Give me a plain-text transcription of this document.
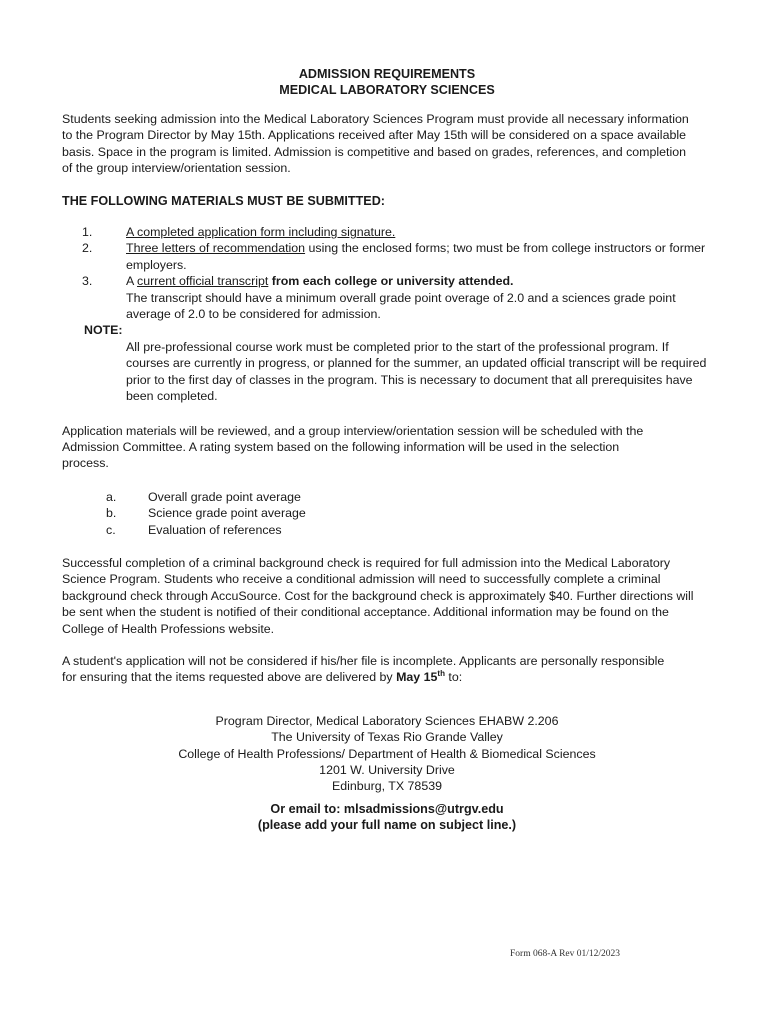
ADMISSION REQUIREMENTS
MEDICAL LABORATORY SCIENCES

Students seeking admission into the Medical Laboratory Sciences Program must provide all necessary information to the Program Director by May 15th. Applications received after May 15th will be considered on a space available basis. Space in the program is limited. Admission is competitive and based on grades, references, and completion of the group interview/orientation session.

THE FOLLOWING MATERIALS MUST BE SUBMITTED:
1.	A completed application form including signature.
2.	Three letters of recommendation using the enclosed forms; two must be from college instructors or former employers.
3.	A current official transcript from each college or university attended.
The transcript should have a minimum overall grade point overage of 2.0 and a sciences grade point average of 2.0 to be considered for admission.
NOTE:

All pre-professional course work must be completed prior to the start of the professional program. If courses are currently in progress, or planned for the summer, an updated official transcript will be required prior to the first day of classes in the program. This is necessary to document that all prerequisites have been completed.

Application materials will be reviewed, and a group interview/orientation session will be scheduled with the Admission Committee. A rating system based on the following information will be used in the selection process.

a.	Overall grade point average
b.	Science grade point average
c.	Evaluation of references

Successful completion of a criminal background check is required for full admission into the Medical Laboratory Science Program. Students who receive a conditional admission will need to successfully complete a criminal background check through AccuSource. Cost for the background check is approximately $40. Further directions will be sent when the student is notified of their conditional acceptance. Additional information may be found on the College of Health Professions website.

A student's application will not be considered if his/her file is incomplete. Applicants are personally responsible for ensuring that the items requested above are delivered by May 15th to:

Program Director, Medical Laboratory Sciences EHABW 2.206
The University of Texas Rio Grande Valley
College of Health Professions/ Department of Health & Biomedical Sciences
1201 W. University Drive
Edinburg, TX 78539
Or email to: mlsadmissions@utrgv.edu
(please add your full name on subject line.)
Form 068-A Rev 01/12/2023
